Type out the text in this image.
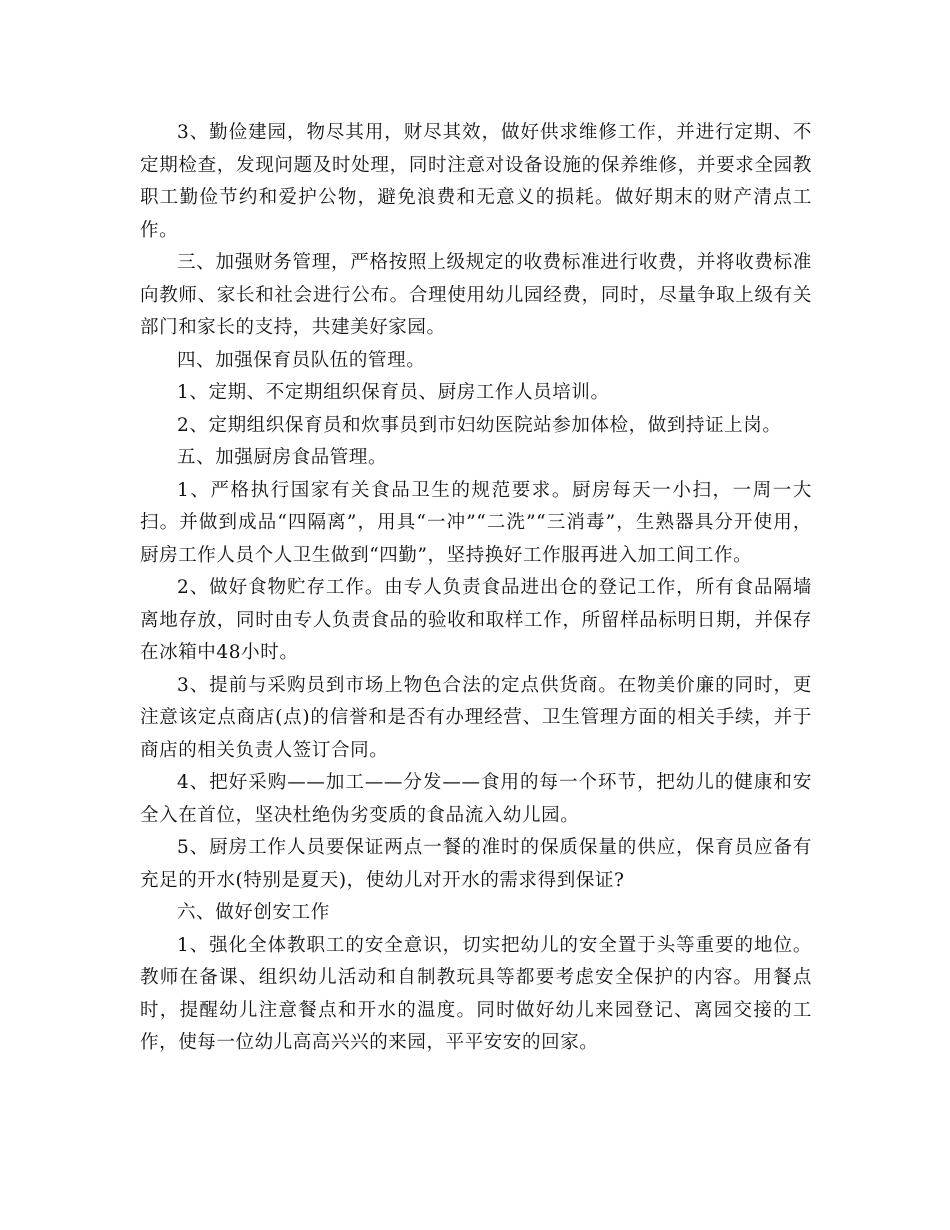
3、勤俭建园，物尽其用，财尽其效，做好供求维修工作，并进行定期、不定期检查，发现问题及时处理，同时注意对设备设施的保养维修，并要求全园教职工勤俭节约和爱护公物，避免浪费和无意义的损耗。做好期末的财产清点工作。

三、加强财务管理，严格按照上级规定的收费标准进行收费，并将收费标准向教师、家长和社会进行公布。合理使用幼儿园经费，同时，尽量争取上级有关部门和家长的支持，共建美好家园。

四、加强保育员队伍的管理。

1、定期、不定期组织保育员、厨房工作人员培训。

2、定期组织保育员和炊事员到市妇幼医院站参加体检，做到持证上岗。

五、加强厨房食品管理。

1、严格执行国家有关食品卫生的规范要求。厨房每天一小扫，一周一大扫。并做到成品“四隔离”，用具“一冲”“二洗”“三消毒”，生熟器具分开使用，厨房工作人员个人卫生做到“四勤”，坚持换好工作服再进入加工间工作。

2、做好食物贮存工作。由专人负责食品进出仓的登记工作，所有食品隔墙离地存放，同时由专人负责食品的验收和取样工作，所留样品标明日期，并保存在冰箱中48小时。

3、提前与采购员到市场上物色合法的定点供货商。在物美价廉的同时，更注意该定点商店(点)的信誉和是否有办理经营、卫生管理方面的相关手续，并于商店的相关负责人签订合同。

4、把好采购——加工——分发——食用的每一个环节，把幼儿的健康和安全入在首位，坚决杜绝伪劣变质的食品流入幼儿园。

5、厨房工作人员要保证两点一餐的准时的保质保量的供应，保育员应备有充足的开水(特别是夏天)，使幼儿对开水的需求得到保证?

六、做好创安工作

1、强化全体教职工的安全意识，切实把幼儿的安全置于头等重要的地位。教师在备课、组织幼儿活动和自制教玩具等都要考虑安全保护的内容。用餐点时，提醒幼儿注意餐点和开水的温度。同时做好幼儿来园登记、离园交接的工作，使每一位幼儿高高兴兴的来园，平平安安的回家。
